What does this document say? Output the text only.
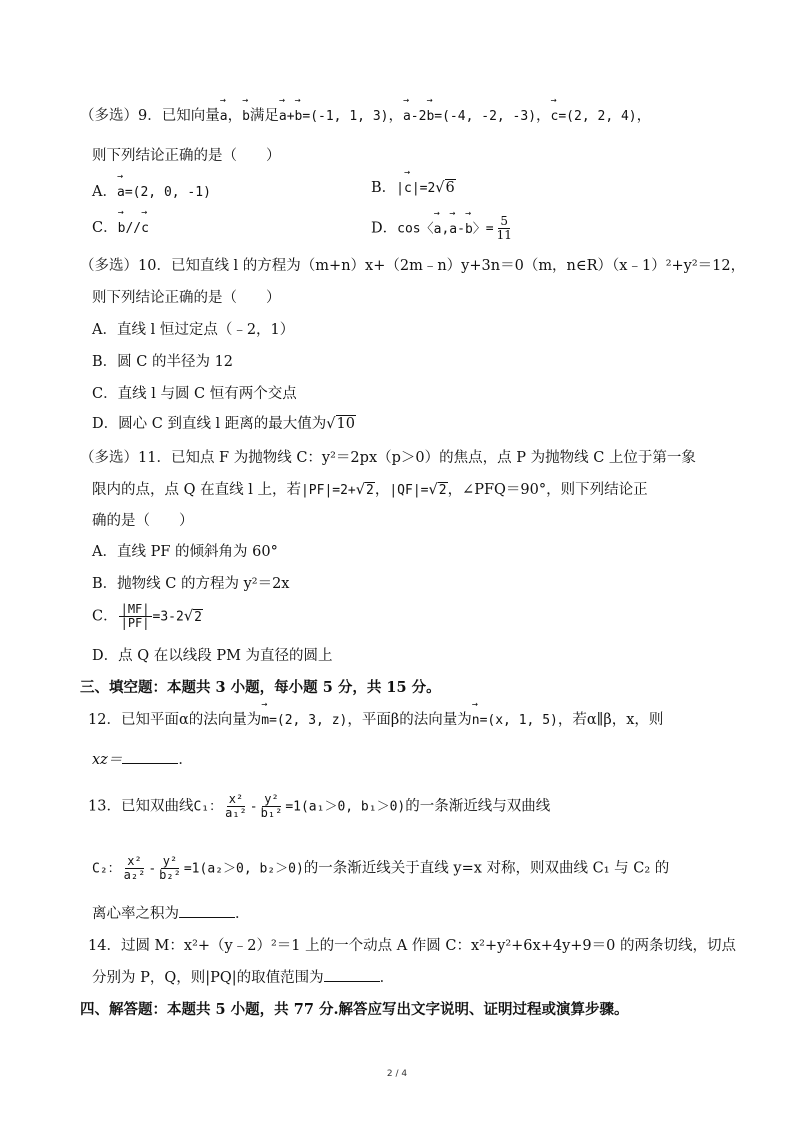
（多选）9．已知向量→ a，→ b满足→ a+→ b=(-1, 1, 3)，→ a-2→ b=(-4, -2, -3)，→ c=(2, 2, 4)，
则下列结论正确的是（　　）
A．→ a=(2, 0, -1)	B．|→ c|=2√6
C．→ b//→ c	D．cos〈→ a,→ a-→ b〉= $\frac{5}{11}$
（多选）10．已知直线 l 的方程为（m+n）x+（2m﹣n）y+3n＝0（m，n∈R）（x﹣1）²+y²＝12，
则下列结论正确的是（　　）
A．直线 l 恒过定点（﹣2，1）
B．圆 C 的半径为 12
C．直线 l 与圆 C 恒有两个交点
D．圆心 C 到直线 l 距离的最大值为√10
（多选）11．已知点 F 为抛物线 C：y²＝2px（p＞0）的焦点，点 P 为抛物线 C 上位于第一象
限内的点，点 Q 在直线 l 上，若|PF|=2+√2，|QF|=√2，∠PFQ＝90°，则下列结论正
确的是（　　）
A．直线 PF 的倾斜角为 60°
B．抛物线 C 的方程为 y²＝2x
C． $\frac{|MF|}{|PF|} =3-2√2$
D．点 Q 在以线段 PM 为直径的圆上
三、填空题：本题共 3 小题，每小题 5 分，共 15 分。
12．已知平面α的法向量为→ m=(2, 3, z)，平面β的法向量为→ n=(x, 1, 5)，若α∥β，x，则
xz＝	．
13．已知双曲线C₁： $\frac{\text{x²}}{\text{a₁²}} - \frac{\text{y²}}{\text{b₁²}} =1(a_1>0$, b₁＞0)的一条渐近线与双曲线
C₂： $\frac{\text{x²}}{\text{a₂²}} - \frac{\text{y²}}{\text{b₂²}} =1(a_2>0$, b₂＞0)的一条渐近线关于直线 y=x 对称，则双曲线 C₁ 与 C₂ 的
离心率之积为	．
14．过圆 M：x²+（y﹣2）²＝1 上的一个动点 A 作圆 C：x²+y²+6x+4y+9＝0 的两条切线，切点
分别为 P，Q，则|PQ|的取值范围为	．
四、解答题：本题共 5 小题，共 77 分.解答应写出文字说明、证明过程或演算步骤。
2 / 4
